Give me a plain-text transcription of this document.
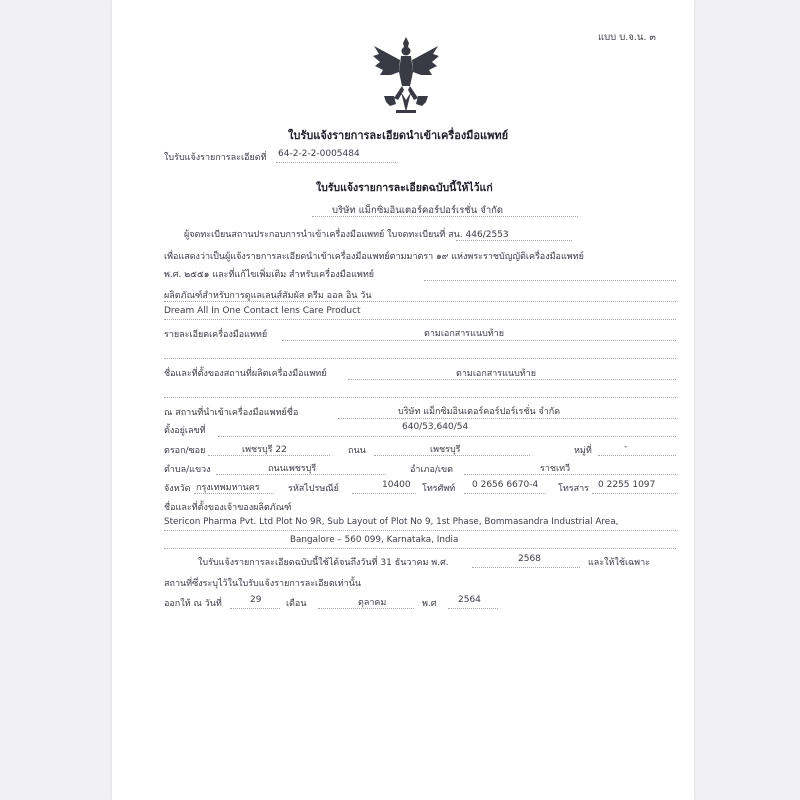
แบบ บ.จ.น. ๓
ใบรับแจ้งรายการละเอียดนำเข้าเครื่องมือแพทย์
ใบรับแจ้งรายการละเอียดที่ 64-2-2-2-0005484
ใบรับแจ้งรายการละเอียดฉบับนี้ให้ไว้แก่
บริษัท แม็กซิมอินเตอร์คอร์ปอร์เรชั่น จำกัด
ผู้จดทะเบียนสถานประกอบการนำเข้าเครื่องมือแพทย์ ใบจดทะเบียนที่ สน. 446/2553
เพื่อแสดงว่าเป็นผู้แจ้งรายการละเอียดนำเข้าเครื่องมือแพทย์ตามมาตรา ๑๙ แห่งพระราชบัญญัติเครื่องมือแพทย์
พ.ศ. ๒๕๕๑ และที่แก้ไขเพิ่มเติม สำหรับเครื่องมือแพทย์
ผลิตภัณฑ์สำหรับการดูแลเลนส์สัมผัส ดรีม ออล อิน วัน
Dream All In One Contact lens Care Product
รายละเอียดเครื่องมือแพทย์	ตามเอกสารแนบท้าย
ชื่อและที่ตั้งของสถานที่ผลิตเครื่องมือแพทย์	ตามเอกสารแนบท้าย
ณ สถานที่นำเข้าเครื่องมือแพทย์ชื่อ	บริษัท แม็กซิมอินเตอร์คอร์ปอร์เรชั่น จำกัด
ตั้งอยู่เลขที่	640/53,640/54
ตรอก/ซอย	เพชรบุรี 22	ถนน	เพชรบุรี	หมู่ที่	-
ตำบล/แขวง	ถนนเพชรบุรี	อำเภอ/เขต	ราชเทวี
จังหวัด กรุงเทพมหานคร	รหัสไปรษณีย์	10400 โทรศัพท์ 0 2656 6670-4 โทรสาร 0 2255 1097
ชื่อและที่ตั้งของเจ้าของผลิตภัณฑ์
Stericon Pharma Pvt. Ltd Plot No 9R, Sub Layout of Plot No 9, 1st Phase, Bommasandra Industrial Area,
Bangalore – 560 099, Karnataka, India
ใบรับแจ้งรายการละเอียดฉบับนี้ใช้ได้จนถึงวันที่ 31 ธันวาคม พ.ศ.	2568	และให้ใช้เฉพาะ
สถานที่ซึ่งระบุไว้ในใบรับแจ้งรายการละเอียดเท่านั้น
ออกให้ ณ วันที่	29	เดือน	ตุลาคม	พ.ศ 2564
